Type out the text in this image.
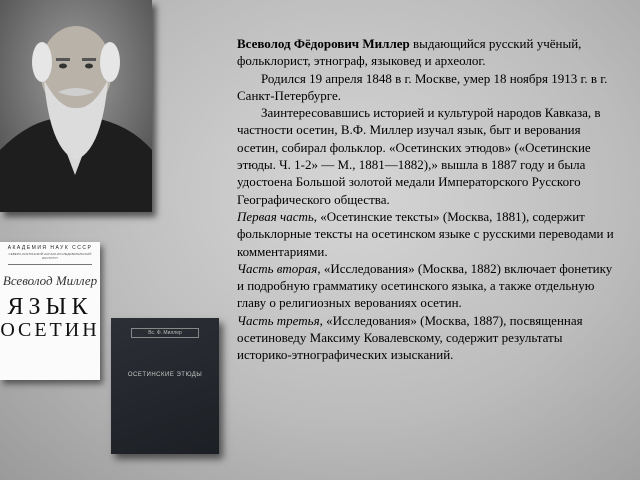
АКАДЕМИЯ НАУК СССР
СЕВЕРО-ОСЕТИНСКИЙ НАУЧНО-ИССЛЕДОВАТЕЛЬСКИЙ ИНСТИТУТ
Всеволод Миллер
ЯЗЫК
ОСЕТИН	Вс. Ф. Миллер
ОСЕТИНСКИЕ ЭТЮДЫ

Всеволод Фёдорович Миллер выдающийся русский учёный, фольклорист, этнограф, языковед и археолог.

Родился 19 апреля 1848 в г. Москве, умер 18 ноября 1913 г. в г. Санкт-Петербурге.

Заинтересовавшись историей и культурой народов Кавказа, в частности осетин, В.Ф. Миллер изучал язык, быт и верования осетин, собирал фольклор. «Осетинских этюдов» («Осетинские этюды. Ч. 1-2» — М., 1881—1882),» вышла в 1887 году и была удостоена Большой золотой медали Императорского Русского Географического общества.

Первая часть, «Осетинские тексты» (Москва, 1881), содержит фольклорные тексты на осетинском языке с русскими переводами и комментариями.

Часть вторая, «Исследования» (Москва, 1882) включает фонетику и подробную грамматику осетинского языка, а также отдельную главу о религиозных верованиях осетин.

Часть третья, «Исследования» (Москва, 1887), посвященная осетиноведу Максиму Ковалевскому, содержит результаты историко-этнографических изысканий.
